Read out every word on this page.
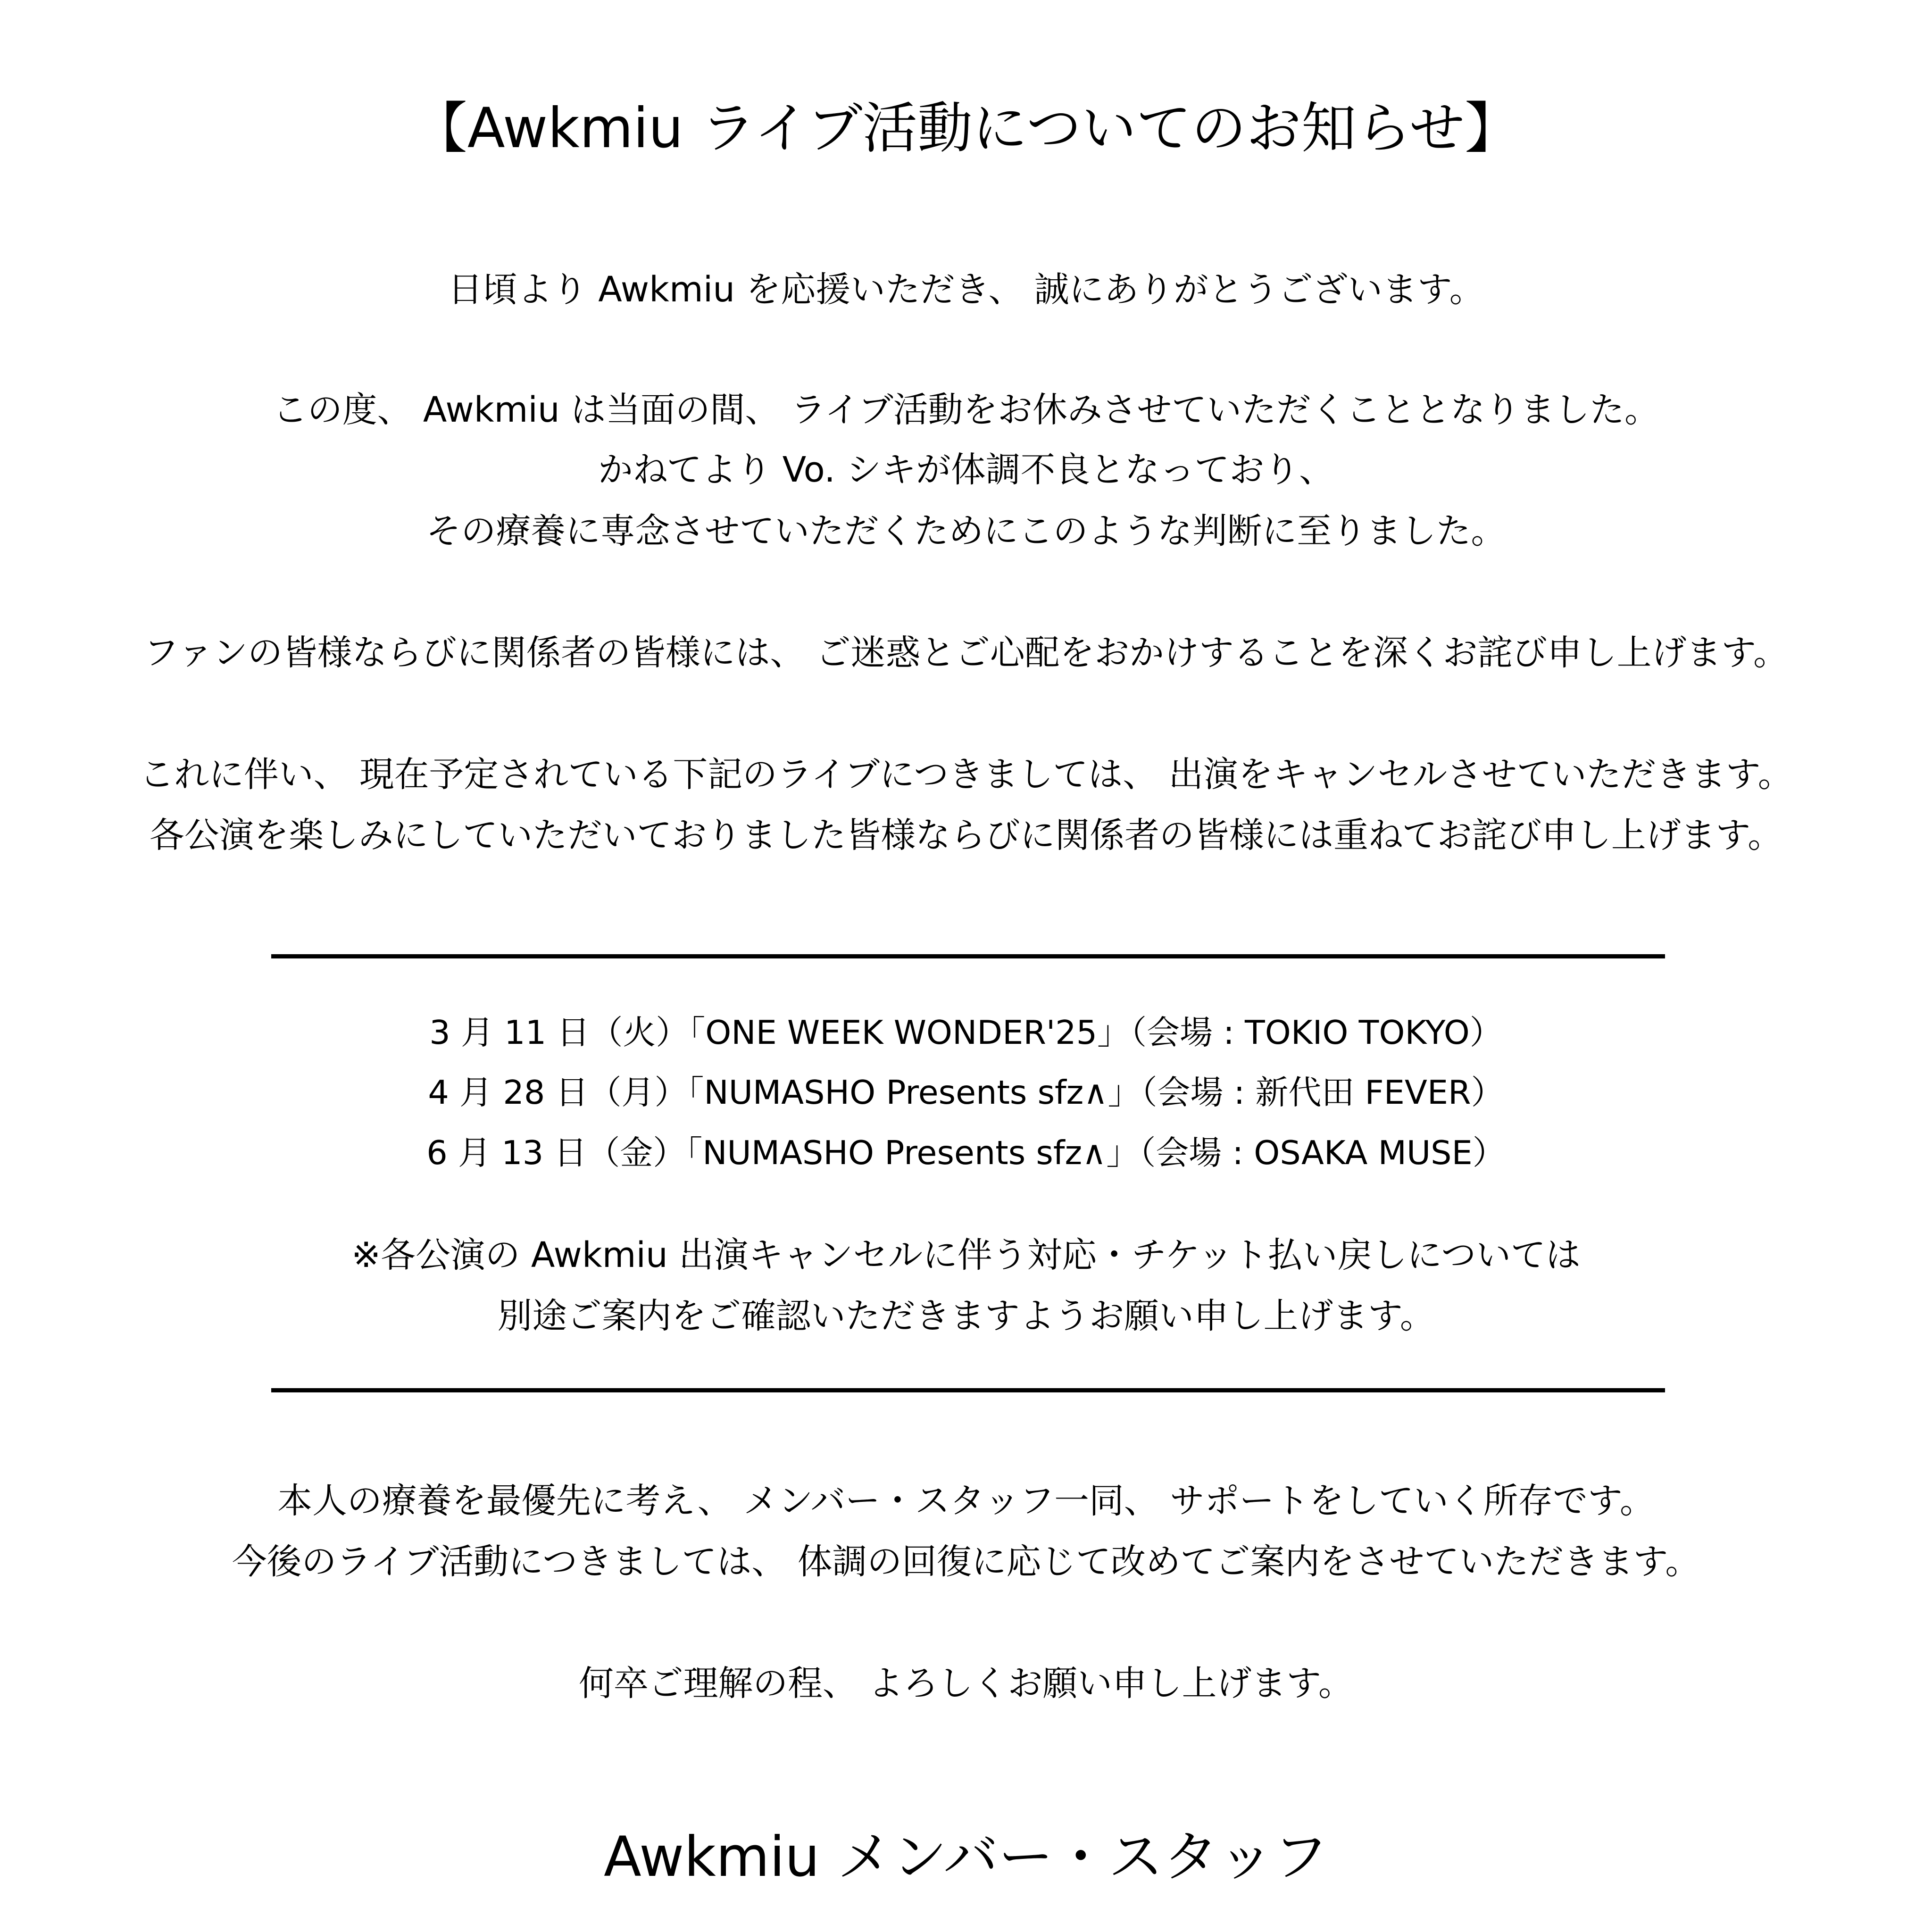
【Awkmiu ライブ活動についてのお知らせ】
日頃より Awkmiu を応援いただき、 誠にありがとうございます。
この度、 Awkmiu は当面の間、 ライブ活動をお休みさせていただくこととなりました。
かねてより Vo. シキが体調不良となっており、
その療養に専念させていただくためにこのような判断に至りました。
ファンの皆様ならびに関係者の皆様には、 ご迷惑とご心配をおかけすることを深くお詫び申し上げます。
これに伴い、 現在予定されている下記のライブにつきましては、 出演をキャンセルさせていただきます。
各公演を楽しみにしていただいておりました皆様ならびに関係者の皆様には重ねてお詫び申し上げます。
3 月 11 日（火）「ONE WEEK WONDER'25」（会場 : TOKIO TOKYO）
4 月 28 日（月）「NUMASHO Presents sfz∧」（会場 : 新代田 FEVER）
6 月 13 日（金）「NUMASHO Presents sfz∧」（会場 : OSAKA MUSE）
※各公演の Awkmiu 出演キャンセルに伴う対応・チケット払い戻しについては
別途ご案内をご確認いただきますようお願い申し上げます。
本人の療養を最優先に考え、 メンバー・スタッフ一同、 サポートをしていく所存です。
今後のライブ活動につきましては、 体調の回復に応じて改めてご案内をさせていただきます。
何卒ご理解の程、 よろしくお願い申し上げます。
Awkmiu メンバー・スタッフ
